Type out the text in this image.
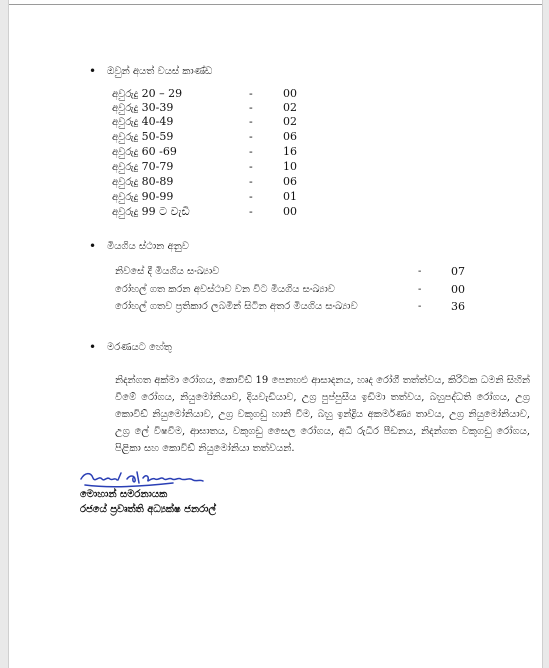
• ඔවුන් අයත් වයස් කාණ්ඩ
අවුරුදු 20 – 29	-	00
අවුරුදු 30-39	-	02
අවුරුදු 40-49	-	02
අවුරුදු 50-59	-	06
අවුරුදු 60 -69	-	16
අවුරුදු 70-79	-	10
අවුරුදු 80-89	-	06
අවුරුදු 90-99	-	01
අවුරුදු 99 ට වැඩි	-	00
• මියගිය ස්ථාන අනුව
නිවසේ දී මියගිය සංඛ්‍යාව	-	07
රෝහල් ගත කරන අවස්ථාව වන විට මියගිය සංඛ්‍යාව	-	00
රෝහල් ගතව ප්‍රතිකාර ලබමින් සිටින අතර මියගිය සංඛ්‍යාව	-	36
• මරණයට හේතු

නිදන්ගත අක්මා රෝගය, කොවිඩ් 19 පෙනහළු ආසාදනය, හෘද රෝගී තත්ත්වය, කිරිටක ධමනි සිහින් වීමේ රෝගය, නියුමෝනියාව, දියවැඩියාව, උග්‍ර පුප්පුසීය ඉඩිමා තත්වය, බහුපද්ධති රෝගය, උග්‍ර කොවිඩ් නියුමෝනියාව, උග්‍ර වකුගඩු හානි වීම, බහු ඉන්ද්‍රිය අකර්මණ්‍ය තාවය, උග්‍ර නියුමෝනියාව, උග්‍ර ලේ විෂවීම, ආඝාතය, වකුගඩු සෛල රෝගය, අධි රුධිර පීඩනය, නිදන්ගත වකුගඩු රෝගය, පිළිකා සහ කොවිඩ් නියුමෝනියා තත්වයන්.

මොහාන් සමරනායක
රජයේ ප්‍රවෘත්ති අධ්‍යක්ෂ ජනරාල්
